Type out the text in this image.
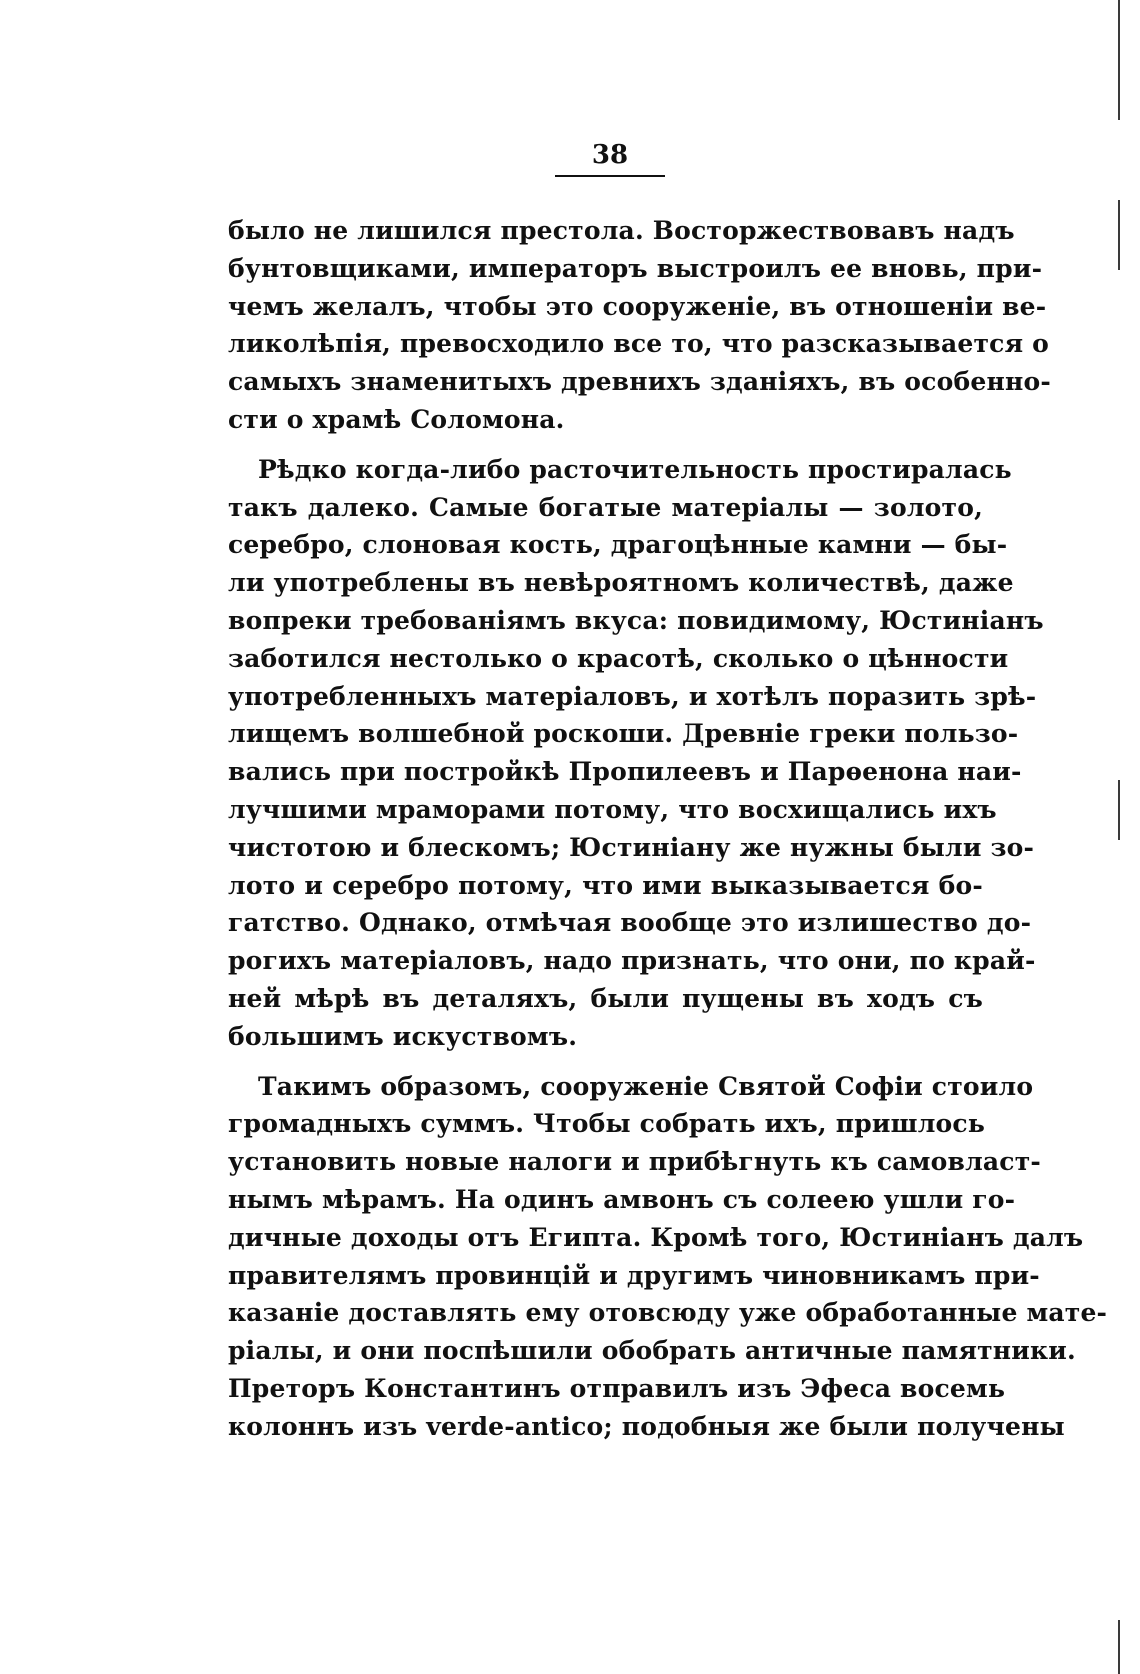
38
было не лишился престола. Восторжествовавъ надъ
бунтовщиками, императоръ выстроилъ ее вновь, при-
чемъ желалъ, чтобы это сооруженіе, въ отношеніи ве-
ликолѣпія, превосходило все то, что разсказывается о
самыхъ знаменитыхъ древнихъ зданіяхъ, въ особенно-
сти о храмѣ Соломона.
Рѣдко когда-либо расточительность простиралась
такъ далеко. Самые богатые матеріалы — золото,
серебро, слоновая кость, драгоцѣнные камни — бы-
ли употреблены въ невѣроятномъ количествѣ, даже
вопреки требованіямъ вкуса: повидимому, Юстиніанъ
заботился нестолько о красотѣ, сколько о цѣнности
употребленныхъ матеріаловъ, и хотѣлъ поразить зрѣ-
лищемъ волшебной роскоши. Древніе греки пользо-
вались при постройкѣ Пропилеевъ и Парѳенона наи-
лучшими мраморами потому, что восхищались ихъ
чистотою и блескомъ; Юстиніану же нужны были зо-
лото и серебро потому, что ими выказывается бо-
гатство. Однако, отмѣчая вообще это излишество до-
рогихъ матеріаловъ, надо признать, что они, по край-
ней мѣрѣ въ деталяхъ, были пущены въ ходъ съ
большимъ искуствомъ.
Такимъ образомъ, сооруженіе Святой Софіи стоило
громадныхъ суммъ. Чтобы собрать ихъ, пришлось
установить новые налоги и прибѣгнуть къ самовласт-
нымъ мѣрамъ. На одинъ амвонъ съ солеею ушли го-
дичные доходы отъ Египта. Кромѣ того, Юстиніанъ далъ
правителямъ провинцій и другимъ чиновникамъ при-
казаніе доставлять ему отовсюду уже обработанные мате-
ріалы, и они поспѣшили обобрать античные памятники.
Преторъ Константинъ отправилъ изъ Эфеса восемь
колоннъ изъ verde-antico; подобныя же были получены
